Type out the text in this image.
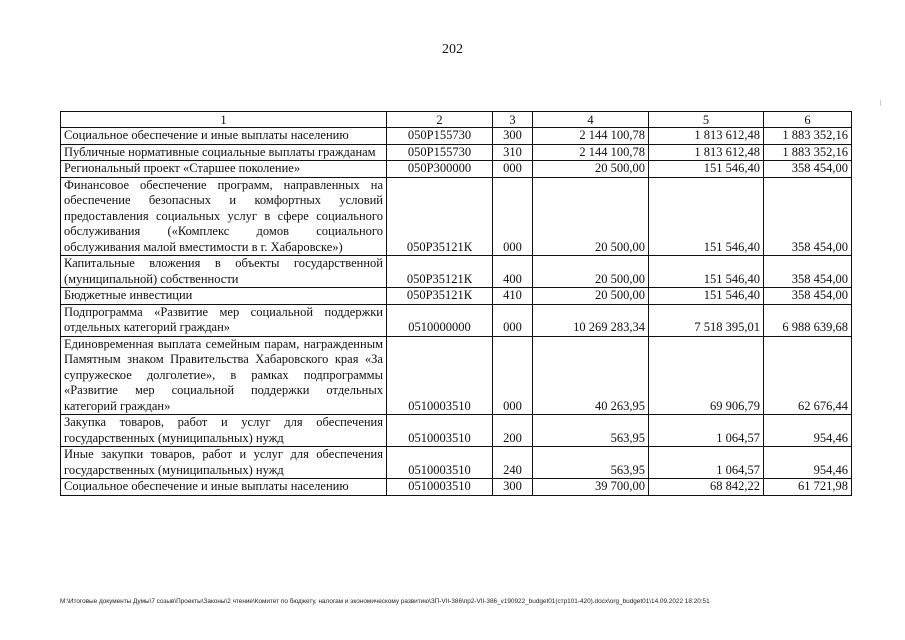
202
1	2	3	4	5	6
Социальное обеспечение и иные выплаты населению	050P155730	300	2 144 100,78	1 813 612,48	1 883 352,16
Публичные нормативные социальные выплаты гражданам	050P155730	310	2 144 100,78	1 813 612,48	1 883 352,16
Региональный проект «Старшее поколение»	050P300000	000	20 500,00	151 546,40	358 454,00
Финансовое обеспечение программ, направленных на обеспечение безопасных и комфортных условий предоставления социальных услуг в сфере социального обслуживания («Комплекс домов социального обслуживания малой вместимости в г. Хабаровске»)	050P35121К	000	20 500,00	151 546,40	358 454,00
Капитальные вложения в объекты государственной (муниципальной) собственности	050P35121К	400	20 500,00	151 546,40	358 454,00
Бюджетные инвестиции	050P35121К	410	20 500,00	151 546,40	358 454,00
Подпрограмма «Развитие мер социальной поддержки отдельных категорий граждан»	0510000000	000	10 269 283,34	7 518 395,01	6 988 639,68
Единовременная выплата семейным парам, награжденным Памятным знаком Правительства Хабаровского края «За супружеское долголетие», в рамках подпрограммы «Развитие мер социальной поддержки отдельных категорий граждан»	0510003510	000	40 263,95	69 906,79	62 676,44
Закупка товаров, работ и услуг для обеспечения государственных (муниципальных) нужд	0510003510	200	563,95	1 064,57	954,46
Иные закупки товаров, работ и услуг для обеспечения государственных (муниципальных) нужд	0510003510	240	563,95	1 064,57	954,46
Социальное обеспечение и иные выплаты населению	0510003510	300	39 700,00	68 842,22	61 721,98
M:\Итоговые документы Думы\7 созыв\Проекты\Законы\2 чтение\Комитет по бюджету, налогам и экономическому развитию\ЗП-VII-386\пр2-VII-386_v190922_budget01(стр101-420).docx\org_budget01\14.09.2022 18:20:51
